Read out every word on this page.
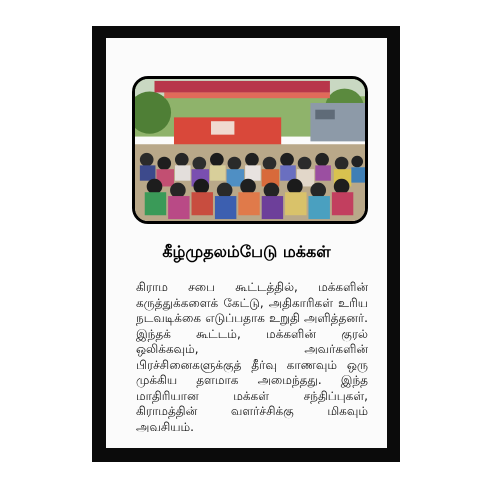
கீழ்முதலம்பேடு மக்கள்
கிராம சபை கூட்டத்தில், மக்களின் கருத்துக்களைக் கேட்டு, அதிகாரிகள் உரிய நடவடிக்கை எடுப்பதாக உறுதி அளித்தனர். இந்தக் கூட்டம், மக்களின் குரல் ஒலிக்கவும், அவர்களின் பிரச்சினைகளுக்குத் தீர்வு காணவும் ஒரு முக்கிய தளமாக அமைந்தது. இந்த மாதிரியான மக்கள் சந்திப்புகள், கிராமத்தின் வளர்ச்சிக்கு மிகவும் அவசியம்.
